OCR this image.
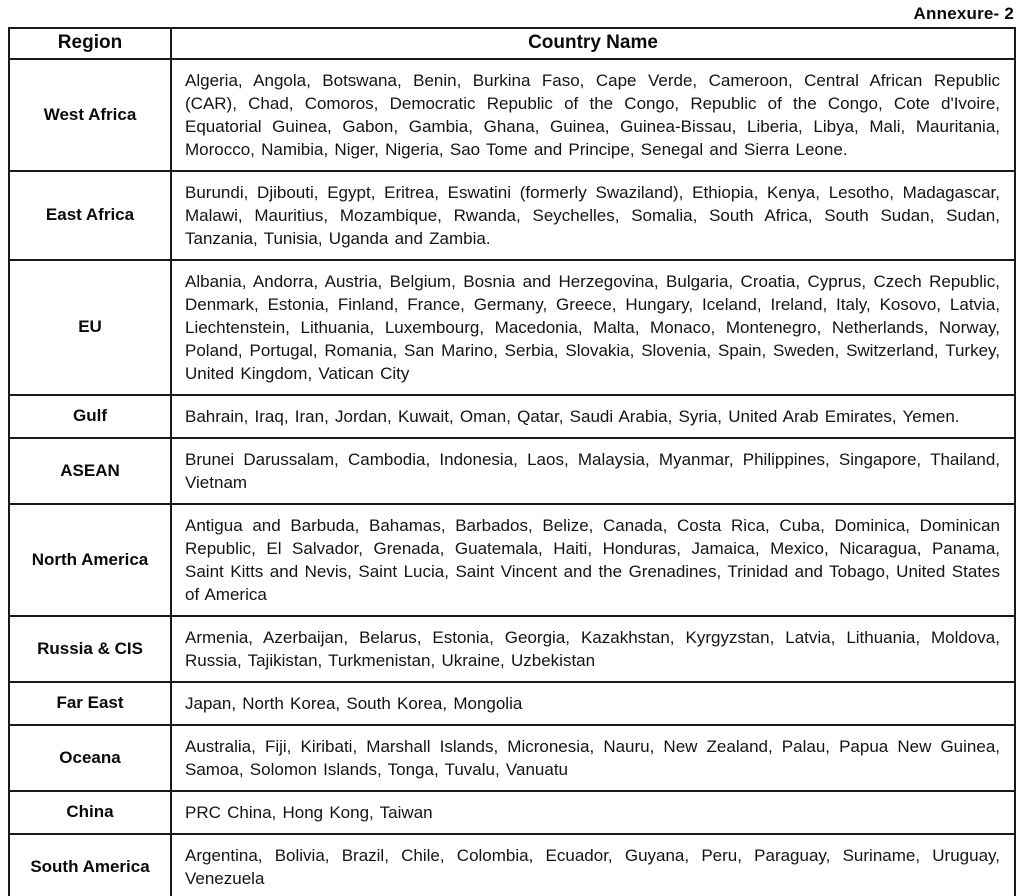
Annexure- 2
Region	Country Name
West Africa	Algeria, Angola, Botswana, Benin, Burkina Faso, Cape Verde, Cameroon, Central African Republic (CAR), Chad, Comoros, Democratic Republic of the Congo, Republic of the Congo, Cote d'Ivoire, Equatorial Guinea, Gabon, Gambia, Ghana, Guinea, Guinea-Bissau, Liberia, Libya, Mali, Mauritania, Morocco, Namibia, Niger, Nigeria, Sao Tome and Principe, Senegal and Sierra Leone.
East Africa	Burundi, Djibouti, Egypt, Eritrea, Eswatini (formerly Swaziland), Ethiopia, Kenya, Lesotho, Madagascar, Malawi, Mauritius, Mozambique, Rwanda, Seychelles, Somalia, South Africa, South Sudan, Sudan, Tanzania, Tunisia, Uganda and Zambia.
EU	Albania, Andorra, Austria, Belgium, Bosnia and Herzegovina, Bulgaria, Croatia, Cyprus, Czech Republic, Denmark, Estonia, Finland, France, Germany, Greece, Hungary, Iceland, Ireland, Italy, Kosovo, Latvia, Liechtenstein, Lithuania, Luxembourg, Macedonia, Malta, Monaco, Montenegro, Netherlands, Norway, Poland, Portugal, Romania, San Marino, Serbia, Slovakia, Slovenia, Spain, Sweden, Switzerland, Turkey, United Kingdom, Vatican City
Gulf	Bahrain, Iraq, Iran, Jordan, Kuwait, Oman, Qatar, Saudi Arabia, Syria, United Arab Emirates, Yemen.
ASEAN	Brunei Darussalam, Cambodia, Indonesia, Laos, Malaysia, Myanmar, Philippines, Singapore, Thailand, Vietnam
North America	Antigua and Barbuda, Bahamas, Barbados, Belize, Canada, Costa Rica, Cuba, Dominica, Dominican Republic, El Salvador, Grenada, Guatemala, Haiti, Honduras, Jamaica, Mexico, Nicaragua, Panama, Saint Kitts and Nevis, Saint Lucia, Saint Vincent and the Grenadines, Trinidad and Tobago, United States of America
Russia & CIS	Armenia, Azerbaijan, Belarus, Estonia, Georgia, Kazakhstan, Kyrgyzstan, Latvia, Lithuania, Moldova, Russia, Tajikistan, Turkmenistan, Ukraine, Uzbekistan
Far East	Japan, North Korea, South Korea, Mongolia
Oceana	Australia, Fiji, Kiribati, Marshall Islands, Micronesia, Nauru, New Zealand, Palau, Papua New Guinea, Samoa, Solomon Islands, Tonga, Tuvalu, Vanuatu
China	PRC China, Hong Kong, Taiwan
South America	Argentina, Bolivia, Brazil, Chile, Colombia, Ecuador, Guyana, Peru, Paraguay, Suriname, Uruguay, Venezuela
